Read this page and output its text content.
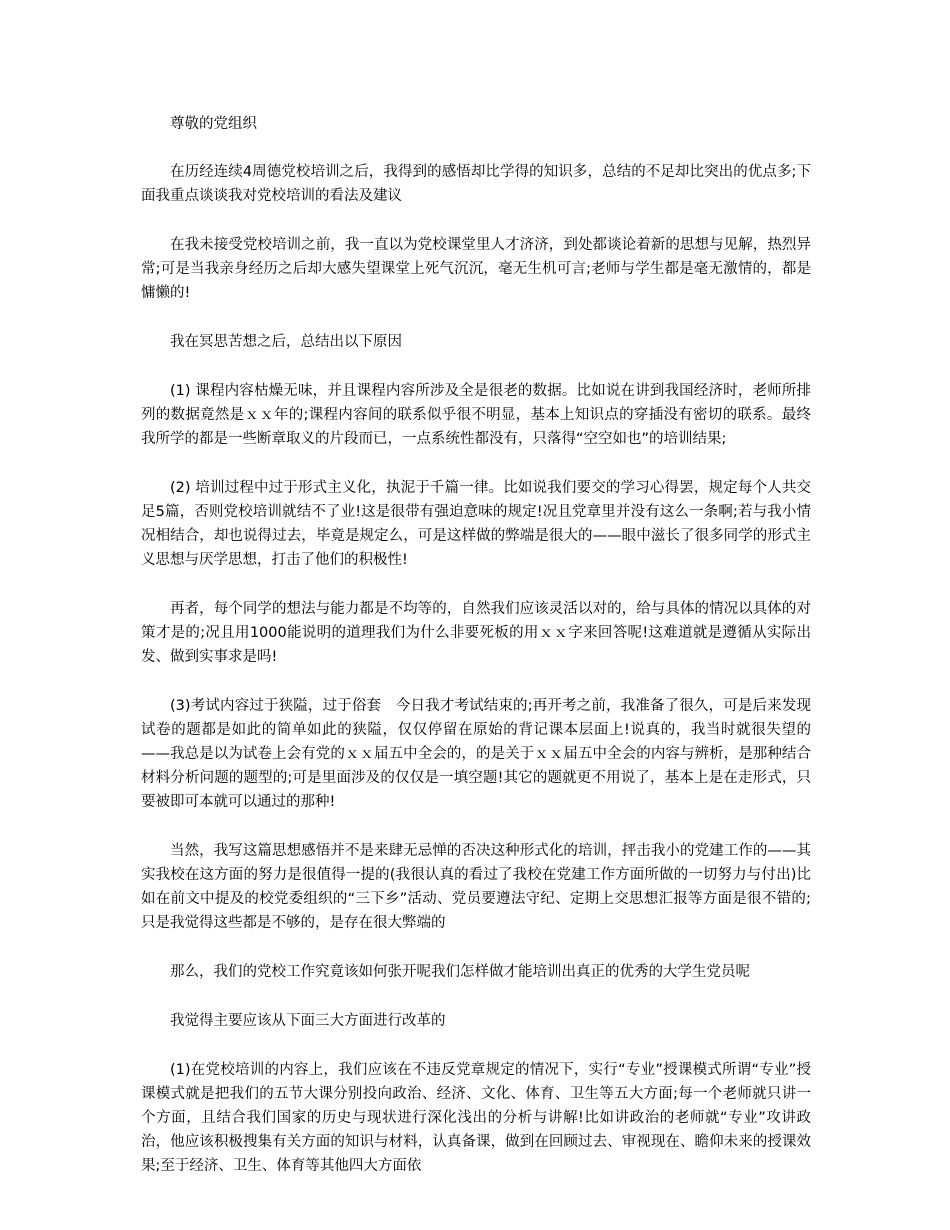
尊敬的党组织

在历经连续4周德党校培训之后，我得到的感悟却比学得的知识多，总结的不足却比突出的优点多;下面我重点谈谈我对党校培训的看法及建议

在我未接受党校培训之前，我一直以为党校课堂里人才济济，到处都谈论着新的思想与见解，热烈异常;可是当我亲身经历之后却大感失望课堂上死气沉沉，毫无生机可言;老师与学生都是毫无激情的，都是慵懒的!

我在冥思苦想之后，总结出以下原因

(1) 课程内容枯燥无味，并且课程内容所涉及全是很老的数据。比如说在讲到我国经济时，老师所排列的数据竟然是ｘｘ年的;课程内容间的联系似乎很不明显，基本上知识点的穿插没有密切的联系。最终我所学的都是一些断章取义的片段而已，一点系统性都没有，只落得“空空如也”的培训结果;

(2) 培训过程中过于形式主义化，执泥于千篇一律。比如说我们要交的学习心得罢，规定每个人共交足5篇，否则党校培训就结不了业!这是很带有强迫意味的规定!况且党章里并没有这么一条啊;若与我小情况相结合，却也说得过去，毕竟是规定么，可是这样做的弊端是很大的——眼中滋长了很多同学的形式主义思想与厌学思想，打击了他们的积极性!

再者，每个同学的想法与能力都是不均等的，自然我们应该灵活以对的，给与具体的情况以具体的对策才是的;况且用1000能说明的道理我们为什么非要死板的用ｘｘ字来回答呢!这难道就是遵循从实际出发、做到实事求是吗!

(3)考试内容过于狭隘，过于俗套　今日我才考试结束的;再开考之前，我准备了很久，可是后来发现试卷的题都是如此的简单如此的狭隘，仅仅停留在原始的背记课本层面上!说真的，我当时就很失望的——我总是以为试卷上会有党的ｘｘ届五中全会的，的是关于ｘｘ届五中全会的内容与辨析，是那种结合材料分析问题的题型的;可是里面涉及的仅仅是一填空题!其它的题就更不用说了，基本上是在走形式，只要被即可本就可以通过的那种!

当然，我写这篇思想感悟并不是来肆无忌惮的否决这种形式化的培训，抨击我小的党建工作的——其实我校在这方面的努力是很值得一提的(我很认真的看过了我校在党建工作方面所做的一切努力与付出)比如在前文中提及的校党委组织的“三下乡”活动、党员要遵法守纪、定期上交思想汇报等方面是很不错的;只是我觉得这些都是不够的，是存在很大弊端的

那么，我们的党校工作究竟该如何张开呢我们怎样做才能培训出真正的优秀的大学生党员呢

我觉得主要应该从下面三大方面进行改革的

(1)在党校培训的内容上，我们应该在不违反党章规定的情况下，实行“专业”授课模式所谓“专业”授课模式就是把我们的五节大课分别投向政治、经济、文化、体育、卫生等五大方面;每一个老师就只讲一个方面，且结合我们国家的历史与现状进行深化浅出的分析与讲解!比如讲政治的老师就“专业”攻讲政治，他应该积极搜集有关方面的知识与材料，认真备课，做到在回顾过去、审视现在、瞻仰未来的授课效果;至于经济、卫生、体育等其他四大方面依
